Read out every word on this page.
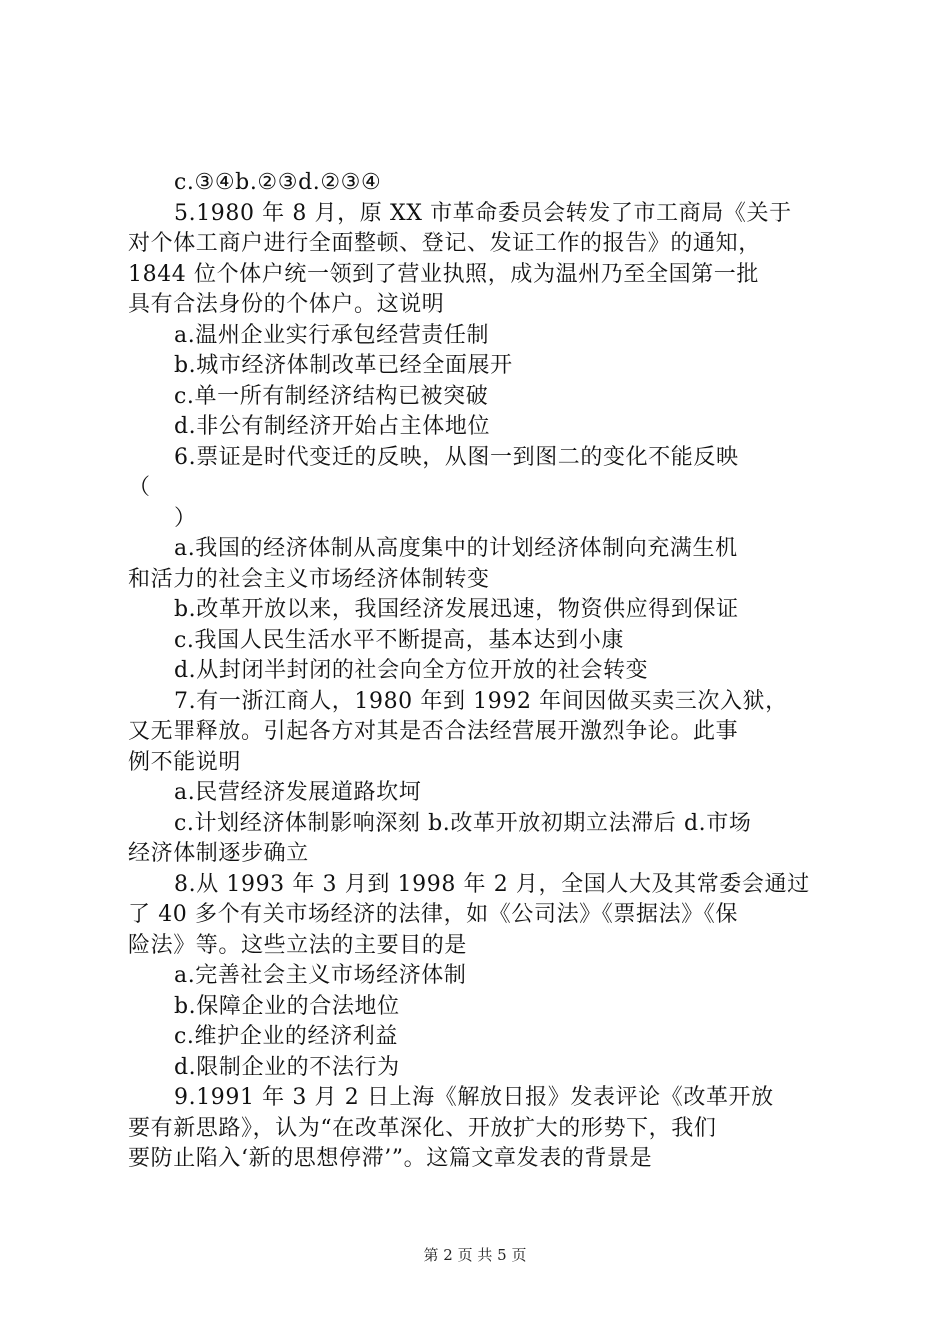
c.③④b.②③d.②③④
5.1980 年 8 月，原 XX 市革命委员会转发了市工商局《关于
对个体工商户进行全面整顿、登记、发证工作的报告》的通知，
1844 位个体户统一领到了营业执照，成为温州乃至全国第一批
具有合法身份的个体户。这说明
a.温州企业实行承包经营责任制
b.城市经济体制改革已经全面展开
c.单一所有制经济结构已被突破
d.非公有制经济开始占主体地位
6.票证是时代变迁的反映，从图一到图二的变化不能反映
（
）
a.我国的经济体制从高度集中的计划经济体制向充满生机
和活力的社会主义市场经济体制转变
b.改革开放以来，我国经济发展迅速，物资供应得到保证
c.我国人民生活水平不断提高，基本达到小康
d.从封闭半封闭的社会向全方位开放的社会转变
7.有一浙江商人，1980 年到 1992 年间因做买卖三次入狱，
又无罪释放。引起各方对其是否合法经营展开激烈争论。此事
例不能说明
a.民营经济发展道路坎坷
c.计划经济体制影响深刻 b.改革开放初期立法滞后 d.市场
经济体制逐步确立
8.从 1993 年 3 月到 1998 年 2 月，全国人大及其常委会通过
了 40 多个有关市场经济的法律，如《公司法》《票据法》《保
险法》等。这些立法的主要目的是
a.完善社会主义市场经济体制
b.保障企业的合法地位
c.维护企业的经济利益
d.限制企业的不法行为
9.1991 年 3 月 2 日上海《解放日报》发表评论《改革开放
要有新思路》，认为“在改革深化、开放扩大的形势下，我们
要防止陷入‘新的思想停滞’”。这篇文章发表的背景是
第 2 页 共 5 页
